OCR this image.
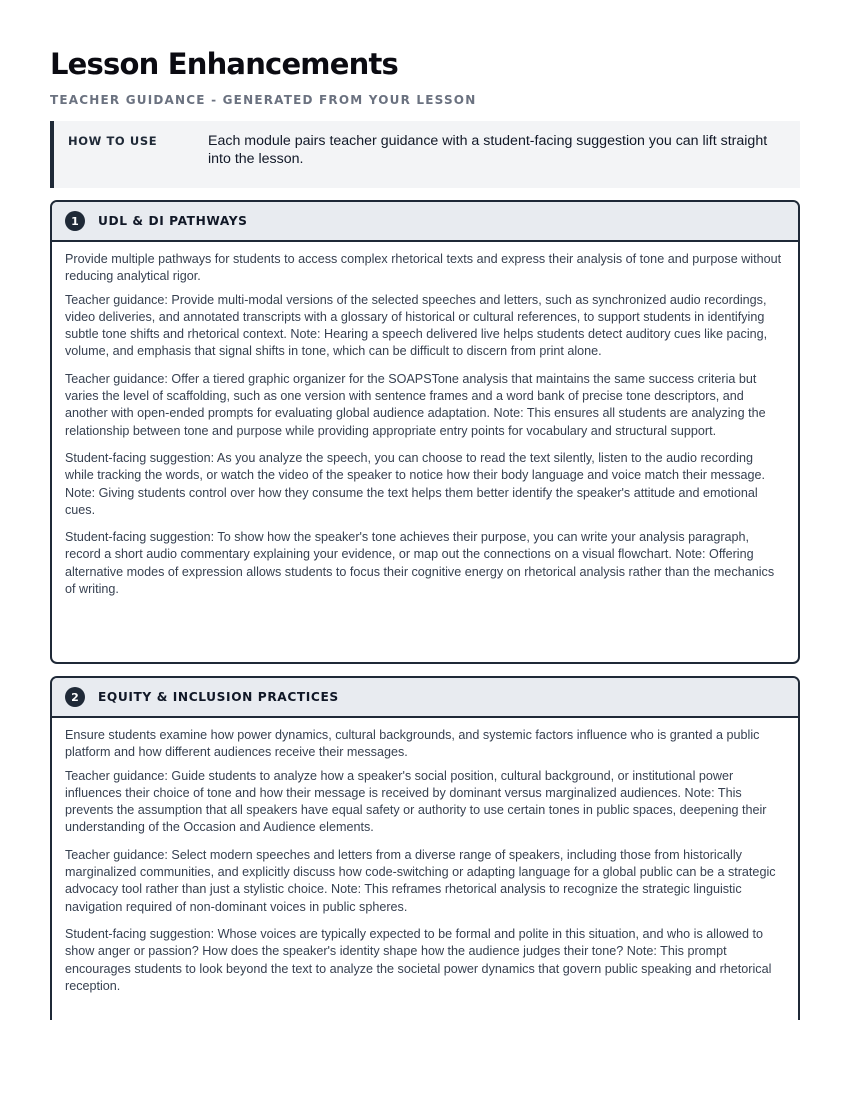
Lesson Enhancements
TEACHER GUIDANCE - GENERATED FROM YOUR LESSON
HOW TO USE	Each module pairs teacher guidance with a student-facing suggestion you can lift straight into the lesson.
1	UDL & DI PATHWAYS

Provide multiple pathways for students to access complex rhetorical texts and express their analysis of tone and purpose without reducing analytical rigor.

Teacher guidance: Provide multi-modal versions of the selected speeches and letters, such as synchronized audio recordings, video deliveries, and annotated transcripts with a glossary of historical or cultural references, to support students in identifying subtle tone shifts and rhetorical context. Note: Hearing a speech delivered live helps students detect auditory cues like pacing, volume, and emphasis that signal shifts in tone, which can be difficult to discern from print alone.

Teacher guidance: Offer a tiered graphic organizer for the SOAPSTone analysis that maintains the same success criteria but varies the level of scaffolding, such as one version with sentence frames and a word bank of precise tone descriptors, and another with open-ended prompts for evaluating global audience adaptation. Note: This ensures all students are analyzing the relationship between tone and purpose while providing appropriate entry points for vocabulary and structural support.

Student-facing suggestion: As you analyze the speech, you can choose to read the text silently, listen to the audio recording while tracking the words, or watch the video of the speaker to notice how their body language and voice match their message. Note: Giving students control over how they consume the text helps them better identify the speaker's attitude and emotional cues.

Student-facing suggestion: To show how the speaker's tone achieves their purpose, you can write your analysis paragraph, record a short audio commentary explaining your evidence, or map out the connections on a visual flowchart. Note: Offering alternative modes of expression allows students to focus their cognitive energy on rhetorical analysis rather than the mechanics of writing.

2	EQUITY & INCLUSION PRACTICES

Ensure students examine how power dynamics, cultural backgrounds, and systemic factors influence who is granted a public platform and how different audiences receive their messages.

Teacher guidance: Guide students to analyze how a speaker's social position, cultural background, or institutional power influences their choice of tone and how their message is received by dominant versus marginalized audiences. Note: This prevents the assumption that all speakers have equal safety or authority to use certain tones in public spaces, deepening their understanding of the Occasion and Audience elements.

Teacher guidance: Select modern speeches and letters from a diverse range of speakers, including those from historically marginalized communities, and explicitly discuss how code-switching or adapting language for a global public can be a strategic advocacy tool rather than just a stylistic choice. Note: This reframes rhetorical analysis to recognize the strategic linguistic navigation required of non-dominant voices in public spheres.

Student-facing suggestion: Whose voices are typically expected to be formal and polite in this situation, and who is allowed to show anger or passion? How does the speaker's identity shape how the audience judges their tone? Note: This prompt encourages students to look beyond the text to analyze the societal power dynamics that govern public speaking and rhetorical reception.
